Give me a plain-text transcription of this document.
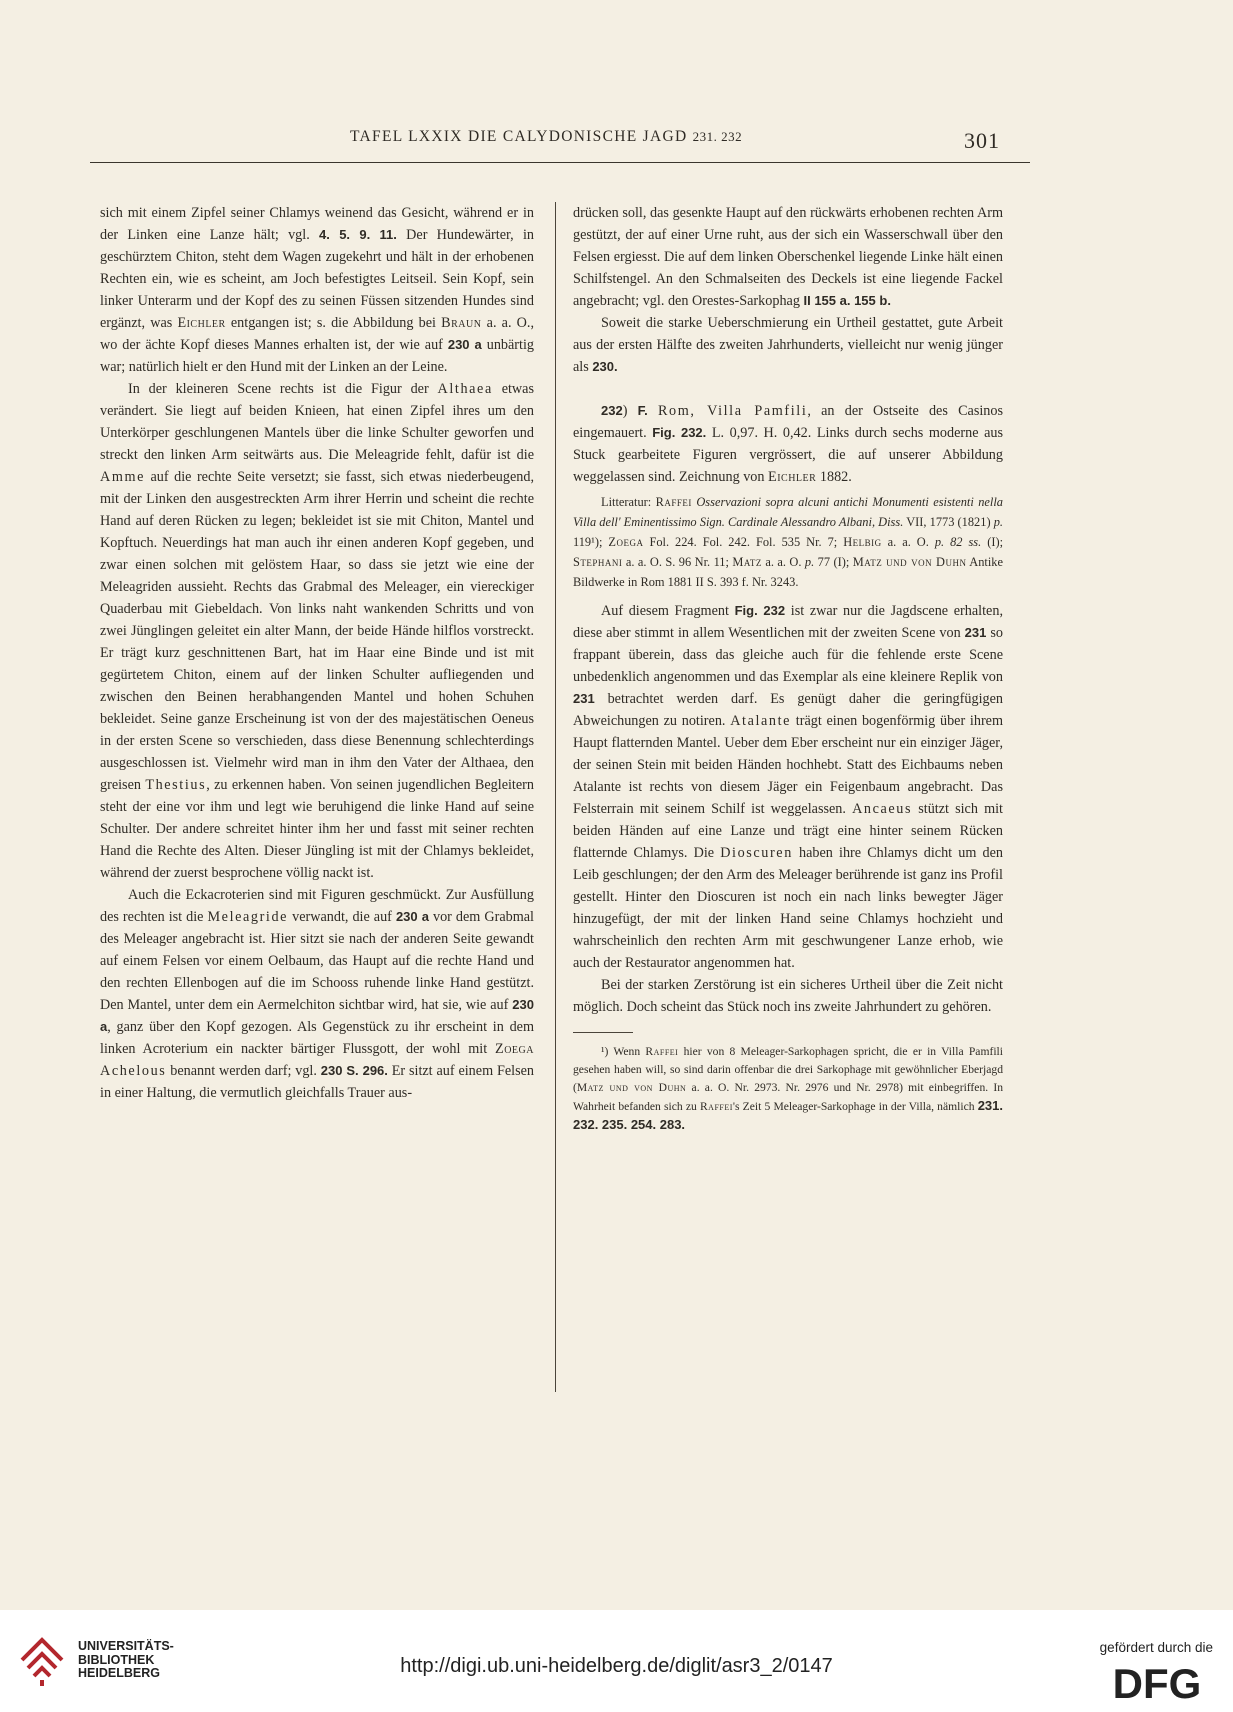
TAFEL LXXIX DIE CALYDONISCHE JAGD 231. 232	301

sich mit einem Zipfel seiner Chlamys weinend das Gesicht, während er in der Linken eine Lanze hält; vgl. 4. 5. 9. 11. Der Hundewärter, in geschürztem Chiton, steht dem Wagen zugekehrt und hält in der erhobenen Rechten ein, wie es scheint, am Joch befestigtes Leitseil. Sein Kopf, sein linker Unterarm und der Kopf des zu seinen Füssen sitzenden Hundes sind ergänzt, was Eichler entgangen ist; s. die Abbildung bei Braun a. a. O., wo der ächte Kopf dieses Mannes erhalten ist, der wie auf 230 a unbärtig war; natürlich hielt er den Hund mit der Linken an der Leine.

In der kleineren Scene rechts ist die Figur der Althaea etwas verändert. Sie liegt auf beiden Knieen, hat einen Zipfel ihres um den Unterkörper geschlungenen Mantels über die linke Schulter geworfen und streckt den linken Arm seitwärts aus. Die Meleagride fehlt, dafür ist die Amme auf die rechte Seite versetzt; sie fasst, sich etwas niederbeugend, mit der Linken den ausgestreckten Arm ihrer Herrin und scheint die rechte Hand auf deren Rücken zu legen; bekleidet ist sie mit Chiton, Mantel und Kopftuch. Neuerdings hat man auch ihr einen anderen Kopf gegeben, und zwar einen solchen mit gelöstem Haar, so dass sie jetzt wie eine der Meleagriden aussieht. Rechts das Grabmal des Meleager, ein viereckiger Quaderbau mit Giebeldach. Von links naht wankenden Schritts und von zwei Jünglingen geleitet ein alter Mann, der beide Hände hilflos vorstreckt. Er trägt kurz geschnittenen Bart, hat im Haar eine Binde und ist mit gegürtetem Chiton, einem auf der linken Schulter aufliegenden und zwischen den Beinen herabhangenden Mantel und hohen Schuhen bekleidet. Seine ganze Erscheinung ist von der des majestätischen Oeneus in der ersten Scene so verschieden, dass diese Benennung schlechterdings ausgeschlossen ist. Vielmehr wird man in ihm den Vater der Althaea, den greisen Thestius, zu erkennen haben. Von seinen jugendlichen Begleitern steht der eine vor ihm und legt wie beruhigend die linke Hand auf seine Schulter. Der andere schreitet hinter ihm her und fasst mit seiner rechten Hand die Rechte des Alten. Dieser Jüngling ist mit der Chlamys bekleidet, während der zuerst besprochene völlig nackt ist.

Auch die Eckacroterien sind mit Figuren geschmückt. Zur Ausfüllung des rechten ist die Meleagride verwandt, die auf 230 a vor dem Grabmal des Meleager angebracht ist. Hier sitzt sie nach der anderen Seite gewandt auf einem Felsen vor einem Oelbaum, das Haupt auf die rechte Hand und den rechten Ellenbogen auf die im Schooss ruhende linke Hand gestützt. Den Mantel, unter dem ein Aermelchiton sichtbar wird, hat sie, wie auf 230 a, ganz über den Kopf gezogen. Als Gegenstück zu ihr erscheint in dem linken Acroterium ein nackter bärtiger Flussgott, der wohl mit Zoega Achelous benannt werden darf; vgl. 230 S. 296. Er sitzt auf einem Felsen in einer Haltung, die vermutlich gleichfalls Trauer aus-

drücken soll, das gesenkte Haupt auf den rückwärts erhobenen rechten Arm gestützt, der auf einer Urne ruht, aus der sich ein Wasserschwall über den Felsen ergiesst. Die auf dem linken Oberschenkel liegende Linke hält einen Schilfstengel. An den Schmalseiten des Deckels ist eine liegende Fackel angebracht; vgl. den Orestes-Sarkophag II 155 a. 155 b.

Soweit die starke Ueberschmierung ein Urtheil gestattet, gute Arbeit aus der ersten Hälfte des zweiten Jahrhunderts, vielleicht nur wenig jünger als 230.

232) F. Rom, Villa Pamfili, an der Ostseite des Casinos eingemauert. Fig. 232. L. 0,97. H. 0,42. Links durch sechs moderne aus Stuck gearbeitete Figuren vergrössert, die auf unserer Abbildung weggelassen sind. Zeichnung von Eichler 1882.

Litteratur: Raffei Osservazioni sopra alcuni antichi Monumenti esistenti nella Villa dell' Eminentissimo Sign. Cardinale Alessandro Albani, Diss. VII, 1773 (1821) p. 119¹); Zoega Fol. 224. Fol. 242. Fol. 535 Nr. 7; Helbig a. a. O. p. 82 ss. (I); Stephani a. a. O. S. 96 Nr. 11; Matz a. a. O. p. 77 (I); Matz und von Duhn Antike Bildwerke in Rom 1881 II S. 393 f. Nr. 3243.

Auf diesem Fragment Fig. 232 ist zwar nur die Jagdscene erhalten, diese aber stimmt in allem Wesentlichen mit der zweiten Scene von 231 so frappant überein, dass das gleiche auch für die fehlende erste Scene unbedenklich angenommen und das Exemplar als eine kleinere Replik von 231 betrachtet werden darf. Es genügt daher die geringfügigen Abweichungen zu notiren. Atalante trägt einen bogenförmig über ihrem Haupt flatternden Mantel. Ueber dem Eber erscheint nur ein einziger Jäger, der seinen Stein mit beiden Händen hochhebt. Statt des Eichbaums neben Atalante ist rechts von diesem Jäger ein Feigenbaum angebracht. Das Felsterrain mit seinem Schilf ist weggelassen. Ancaeus stützt sich mit beiden Händen auf eine Lanze und trägt eine hinter seinem Rücken flatternde Chlamys. Die Dioscuren haben ihre Chlamys dicht um den Leib geschlungen; der den Arm des Meleager berührende ist ganz ins Profil gestellt. Hinter den Dioscuren ist noch ein nach links bewegter Jäger hinzugefügt, der mit der linken Hand seine Chlamys hochzieht und wahrscheinlich den rechten Arm mit geschwungener Lanze erhob, wie auch der Restaurator angenommen hat.

Bei der starken Zerstörung ist ein sicheres Urtheil über die Zeit nicht möglich. Doch scheint das Stück noch ins zweite Jahrhundert zu gehören.

¹) Wenn Raffei hier von 8 Meleager-Sarkophagen spricht, die er in Villa Pamfili gesehen haben will, so sind darin offenbar die drei Sarkophage mit gewöhnlicher Eberjagd (Matz und von Duhn a. a. O. Nr. 2973. Nr. 2976 und Nr. 2978) mit einbegriffen. In Wahrheit befanden sich zu Raffei's Zeit 5 Meleager-Sarkophage in der Villa, nämlich 231. 232. 235. 254. 283.

UNIVERSITÄTS-
BIBLIOTHEK
HEIDELBERG	http://digi.ub.uni-heidelberg.de/diglit/asr3_2/0147
gefördert durch die
DFG
